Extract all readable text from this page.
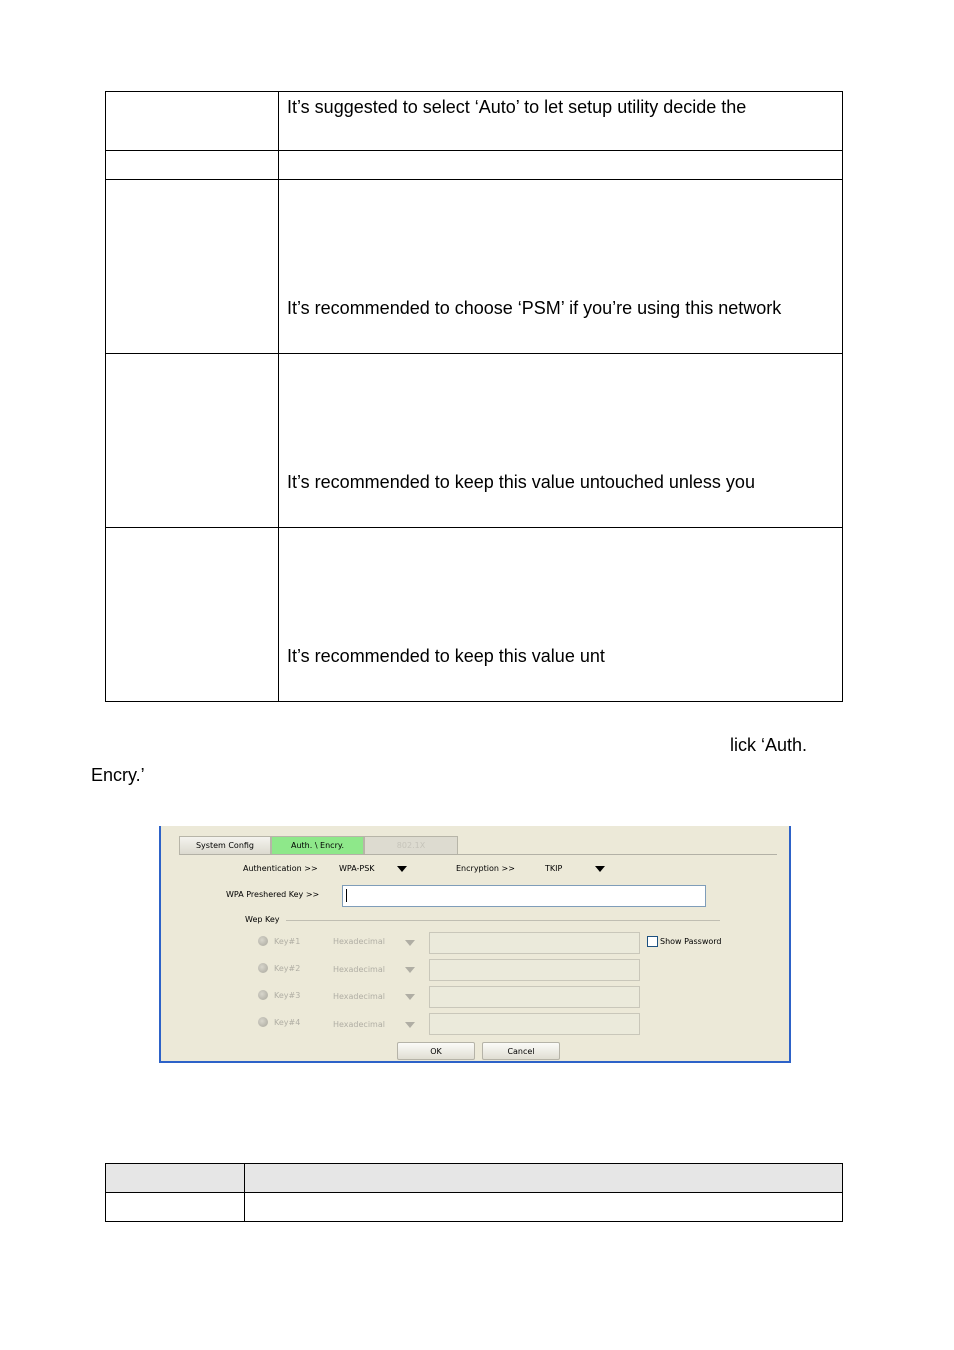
	It’s suggested to select ‘Auto’ to let setup utility decide the

	It’s recommended to choose ‘PSM’ if you’re using this network

	It’s recommended to keep this value untouched unless you

	It’s recommended to keep this value unt
lick ‘Auth.
Encry.’
System Config	Auth. \ Encry.	802.1X
Authentication >>	WPA-PSK	Encryption >>	TKIP
WPA Preshered Key >>
Wep Key
Key#1	Hexadecimal
Key#2	Hexadecimal
Key#3	Hexadecimal
Key#4	Hexadecimal
Show Password
OK	Cancel
